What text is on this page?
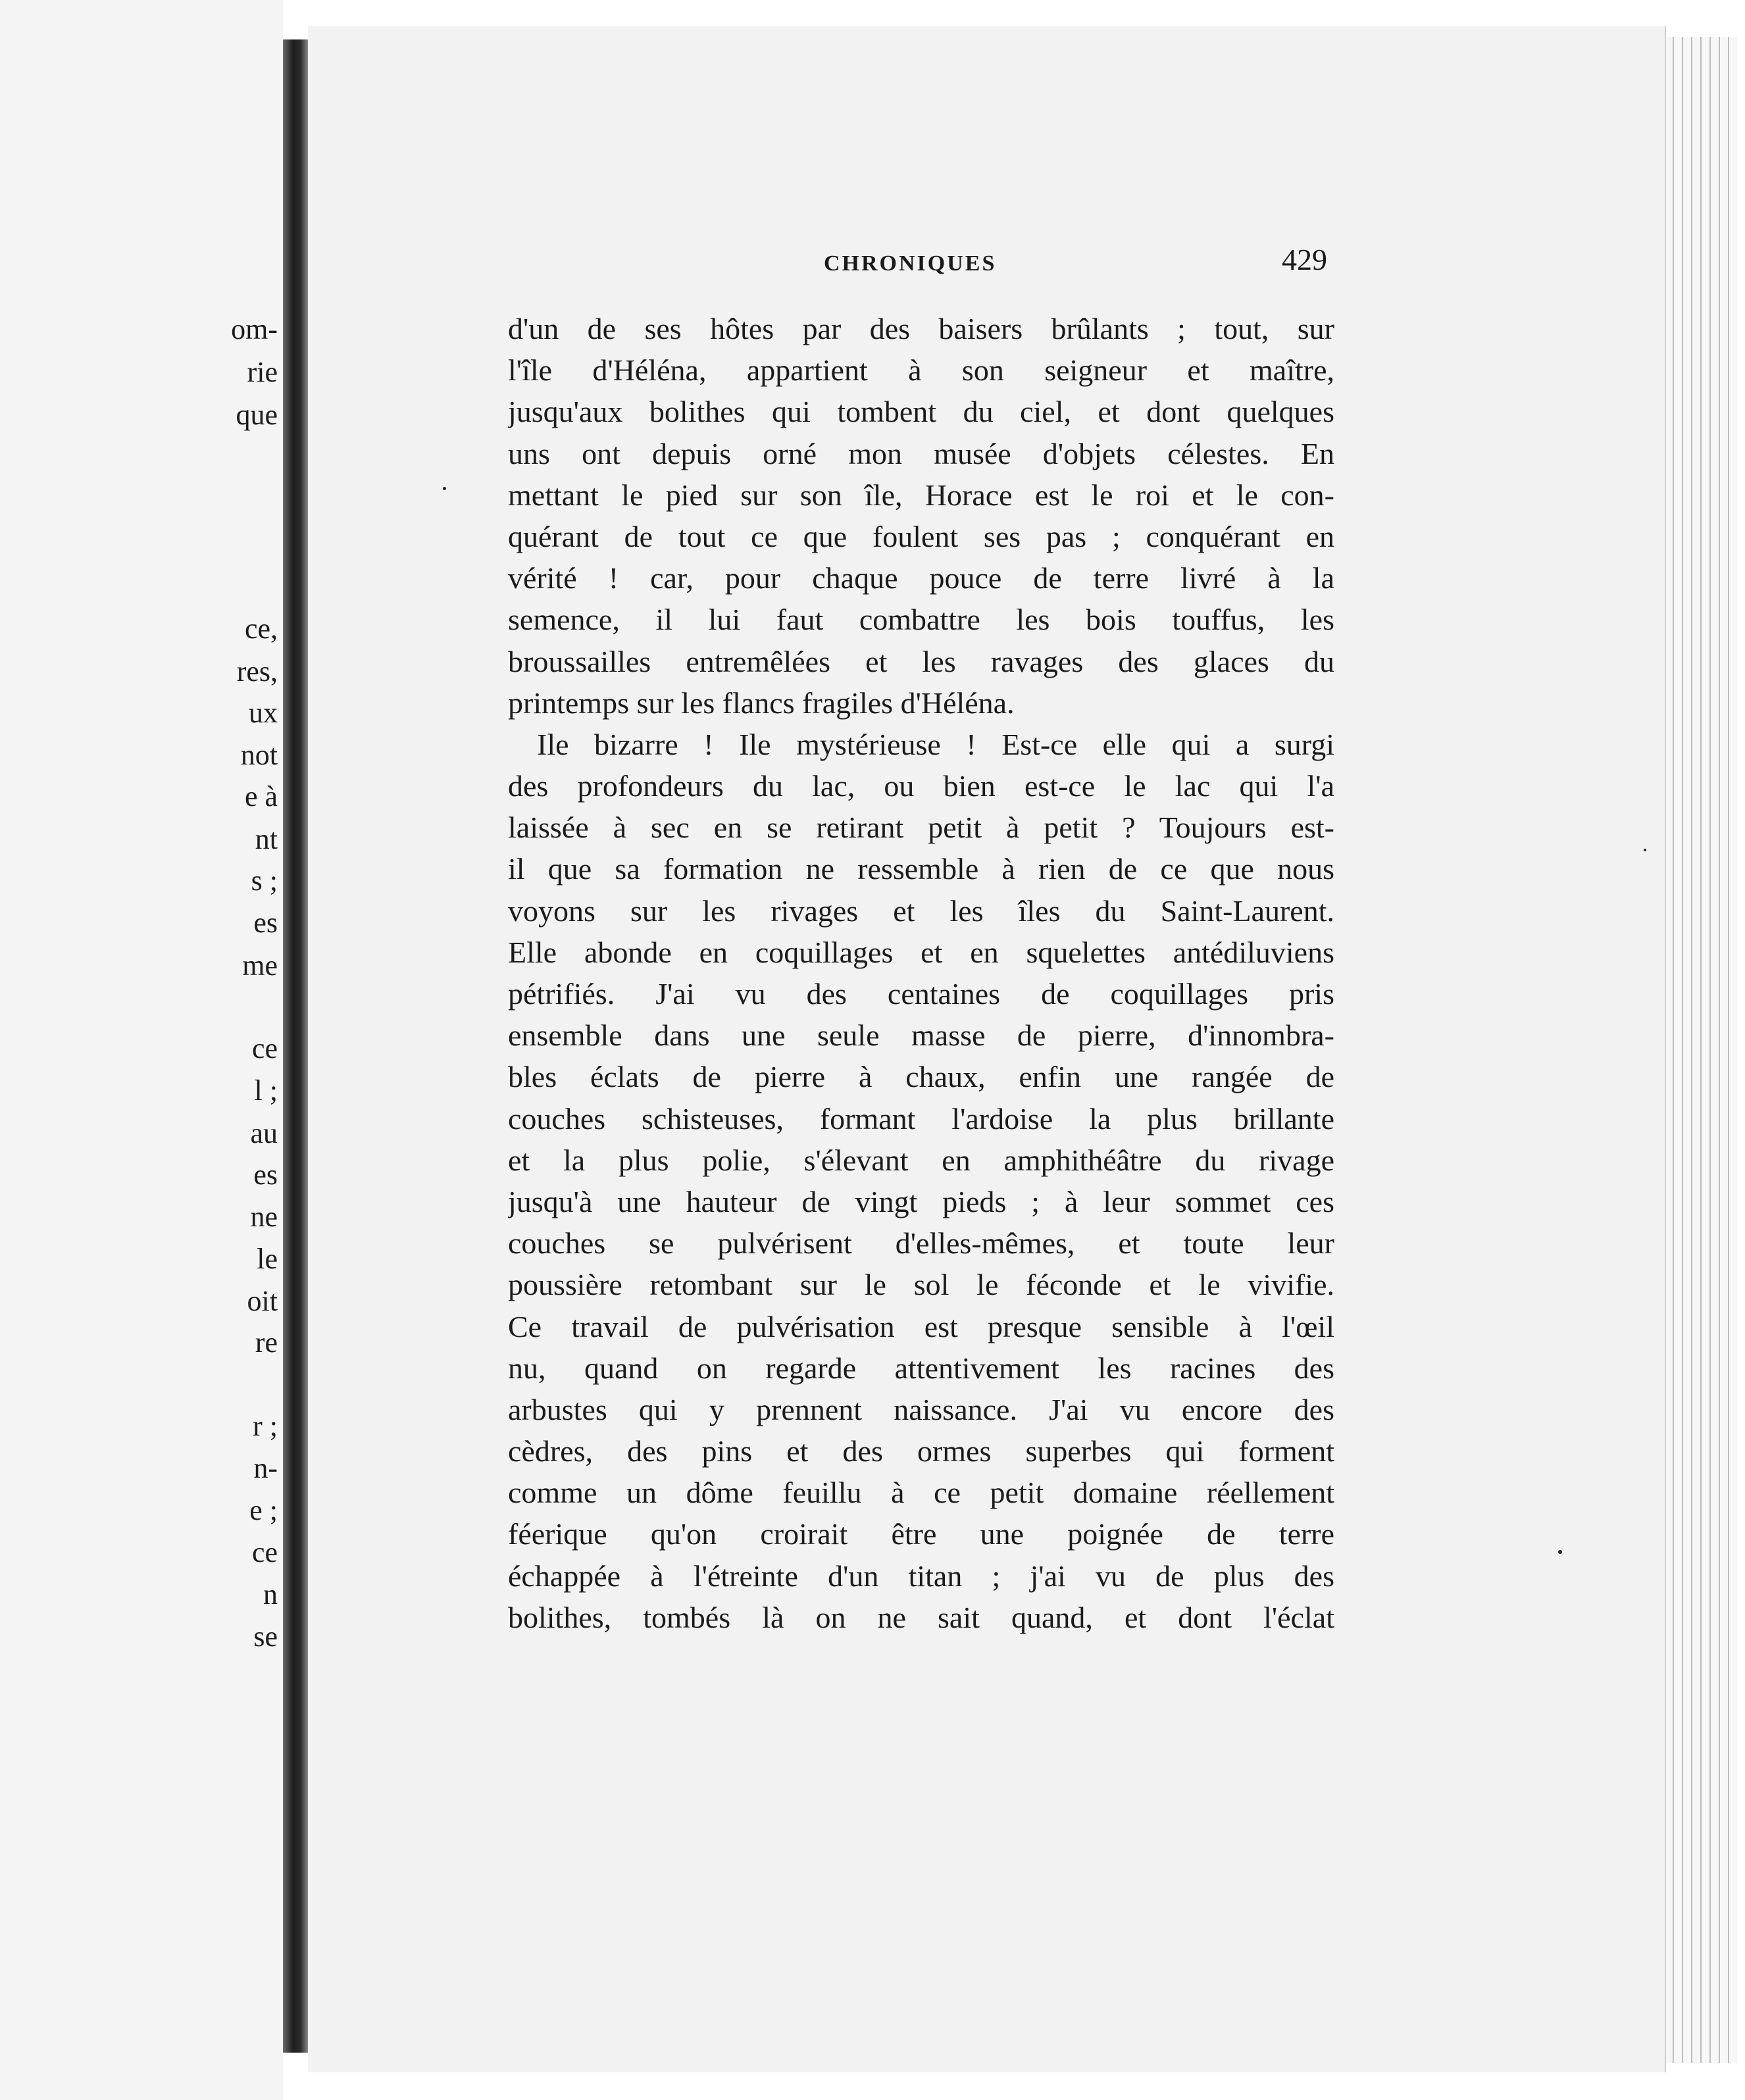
om-
rie
que
ce,
res,
ux
not
e à
nt
s ;
es
me
ce
l ;
au
es
ne
le
oit
re
r ;
n-
e ;
ce
n
se
CHRONIQUES	429
d'un de ses hôtes par des baisers brûlants ; tout, sur
l'île d'Héléna, appartient à son seigneur et maître,
jusqu'aux bolithes qui tombent du ciel, et dont quelques
uns ont depuis orné mon musée d'objets célestes. En
mettant le pied sur son île, Horace est le roi et le con-
quérant de tout ce que foulent ses pas ; conquérant en
vérité ! car, pour chaque pouce de terre livré à la
semence, il lui faut combattre les bois touffus, les
broussailles entremêlées et les ravages des glaces du
printemps sur les flancs fragiles d'Héléna.
Ile bizarre ! Ile mystérieuse ! Est-ce elle qui a surgi
des profondeurs du lac, ou bien est-ce le lac qui l'a
laissée à sec en se retirant petit à petit ? Toujours est-
il que sa formation ne ressemble à rien de ce que nous
voyons sur les rivages et les îles du Saint-Laurent.
Elle abonde en coquillages et en squelettes antédiluviens
pétrifiés. J'ai vu des centaines de coquillages pris
ensemble dans une seule masse de pierre, d'innombra-
bles éclats de pierre à chaux, enfin une rangée de
couches schisteuses, formant l'ardoise la plus brillante
et la plus polie, s'élevant en amphithéâtre du rivage
jusqu'à une hauteur de vingt pieds ; à leur sommet ces
couches se pulvérisent d'elles-mêmes, et toute leur
poussière retombant sur le sol le féconde et le vivifie.
Ce travail de pulvérisation est presque sensible à l'œil
nu, quand on regarde attentivement les racines des
arbustes qui y prennent naissance. J'ai vu encore des
cèdres, des pins et des ormes superbes qui forment
comme un dôme feuillu à ce petit domaine réellement
féerique qu'on croirait être une poignée de terre
échappée à l'étreinte d'un titan ; j'ai vu de plus des
bolithes, tombés là on ne sait quand, et dont l'éclat
